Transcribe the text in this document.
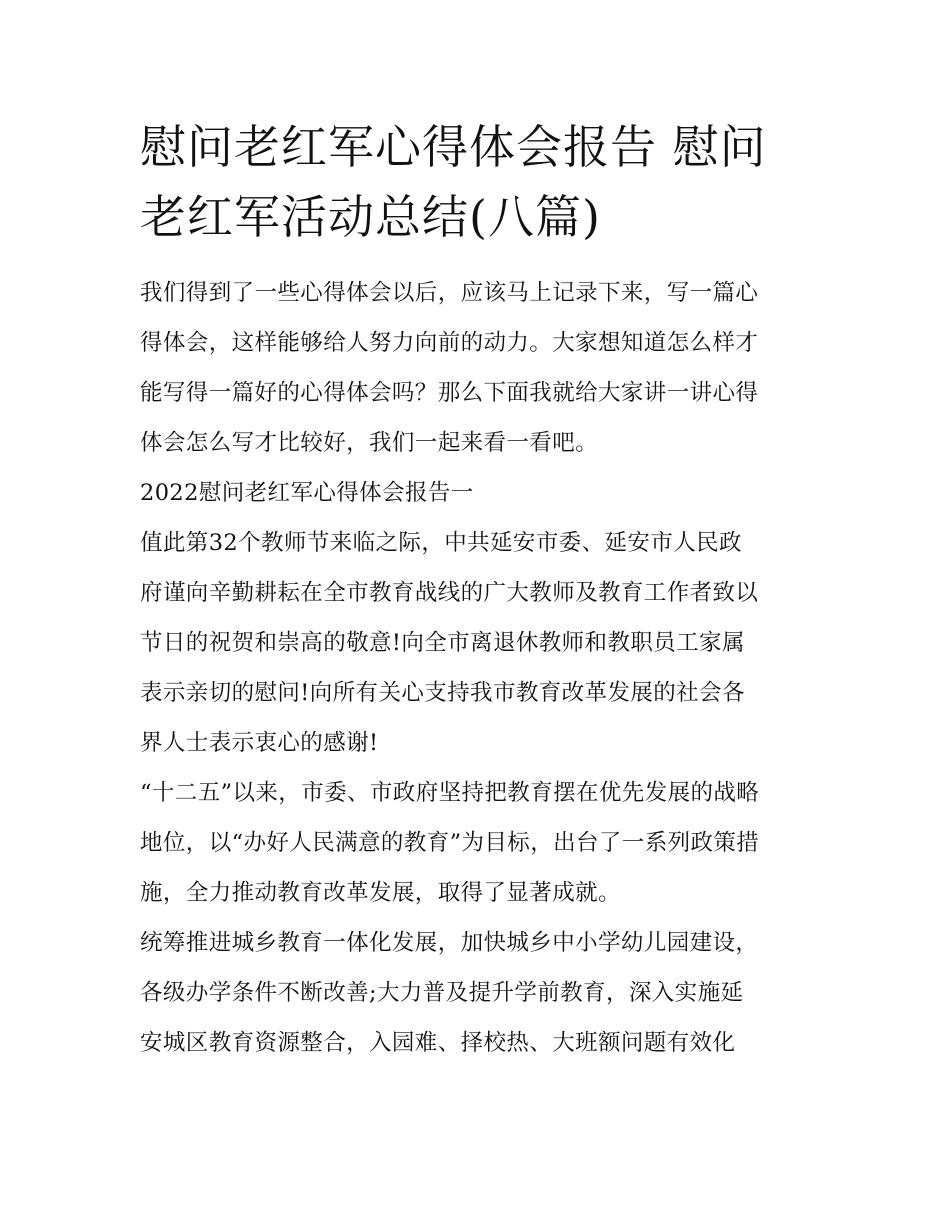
慰问老红军心得体会报告 慰问
老红军活动总结(八篇)

我们得到了一些心得体会以后，应该马上记录下来，写一篇心
得体会，这样能够给人努力向前的动力。大家想知道怎么样才
能写得一篇好的心得体会吗？那么下面我就给大家讲一讲心得
体会怎么写才比较好，我们一起来看一看吧。

2022慰问老红军心得体会报告一

值此第32个教师节来临之际，中共延安市委、延安市人民政
府谨向辛勤耕耘在全市教育战线的广大教师及教育工作者致以
节日的祝贺和崇高的敬意!向全市离退休教师和教职员工家属
表示亲切的慰问!向所有关心支持我市教育改革发展的社会各
界人士表示衷心的感谢!

“十二五”以来，市委、市政府坚持把教育摆在优先发展的战略
地位，以“办好人民满意的教育”为目标，出台了一系列政策措
施，全力推动教育改革发展，取得了显著成就。

统筹推进城乡教育一体化发展，加快城乡中小学幼儿园建设，
各级办学条件不断改善;大力普及提升学前教育，深入实施延
安城区教育资源整合，入园难、择校热、大班额问题有效化
